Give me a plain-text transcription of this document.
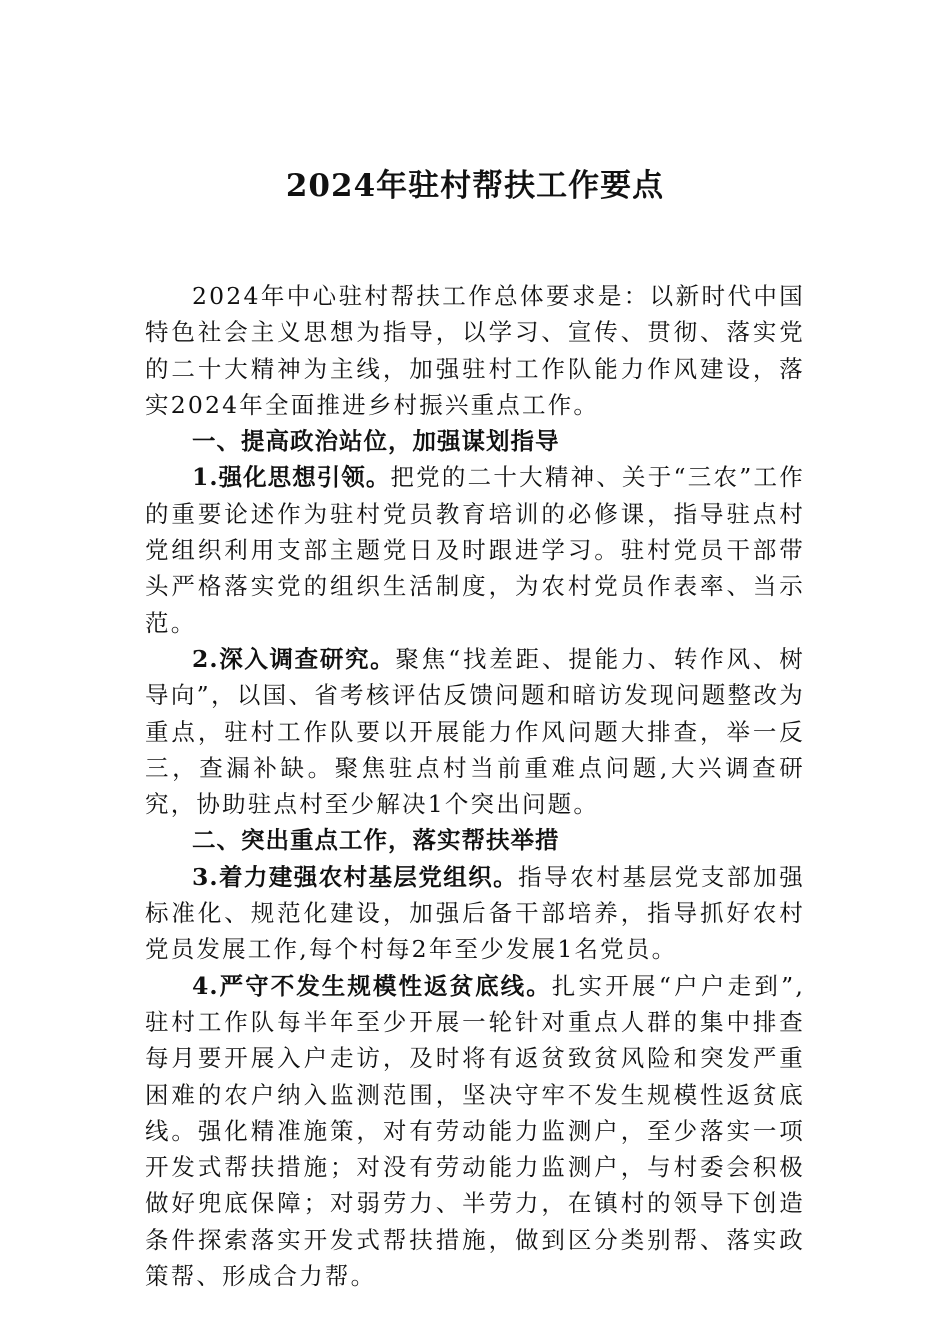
2024年驻村帮扶工作要点

2024年中心驻村帮扶工作总体要求是：以新时代中国特色社会主义思想为指导，以学习、宣传、贯彻、落实党的二十大精神为主线，加强驻村工作队能力作风建设，落实2024年全面推进乡村振兴重点工作。

一、提高政治站位，加强谋划指导

1.强化思想引领。把党的二十大精神、关于“三农”工作的重要论述作为驻村党员教育培训的必修课，指导驻点村党组织利用支部主题党日及时跟进学习。驻村党员干部带头严格落实党的组织生活制度，为农村党员作表率、当示范。

2.深入调查研究。聚焦“找差距、提能力、转作风、树导向”，以国、省考核评估反馈问题和暗访发现问题整改为重点，驻村工作队要以开展能力作风问题大排查，举一反三，查漏补缺。聚焦驻点村当前重难点问题,大兴调查研究，协助驻点村至少解决1个突出问题。

二、突出重点工作，落实帮扶举措

3.着力建强农村基层党组织。指导农村基层党支部加强标准化、规范化建设，加强后备干部培养，指导抓好农村党员发展工作,每个村每2年至少发展1名党员。

4.严守不发生规模性返贫底线。扎实开展“户户走到”,驻村工作队每半年至少开展一轮针对重点人群的集中排查每月要开展入户走访，及时将有返贫致贫风险和突发严重困难的农户纳入监测范围，坚决守牢不发生规模性返贫底线。强化精准施策，对有劳动能力监测户，至少落实一项开发式帮扶措施；对没有劳动能力监测户，与村委会积极做好兜底保障；对弱劳力、半劳力，在镇村的领导下创造条件探索落实开发式帮扶措施，做到区分类别帮、落实政策帮、形成合力帮。
